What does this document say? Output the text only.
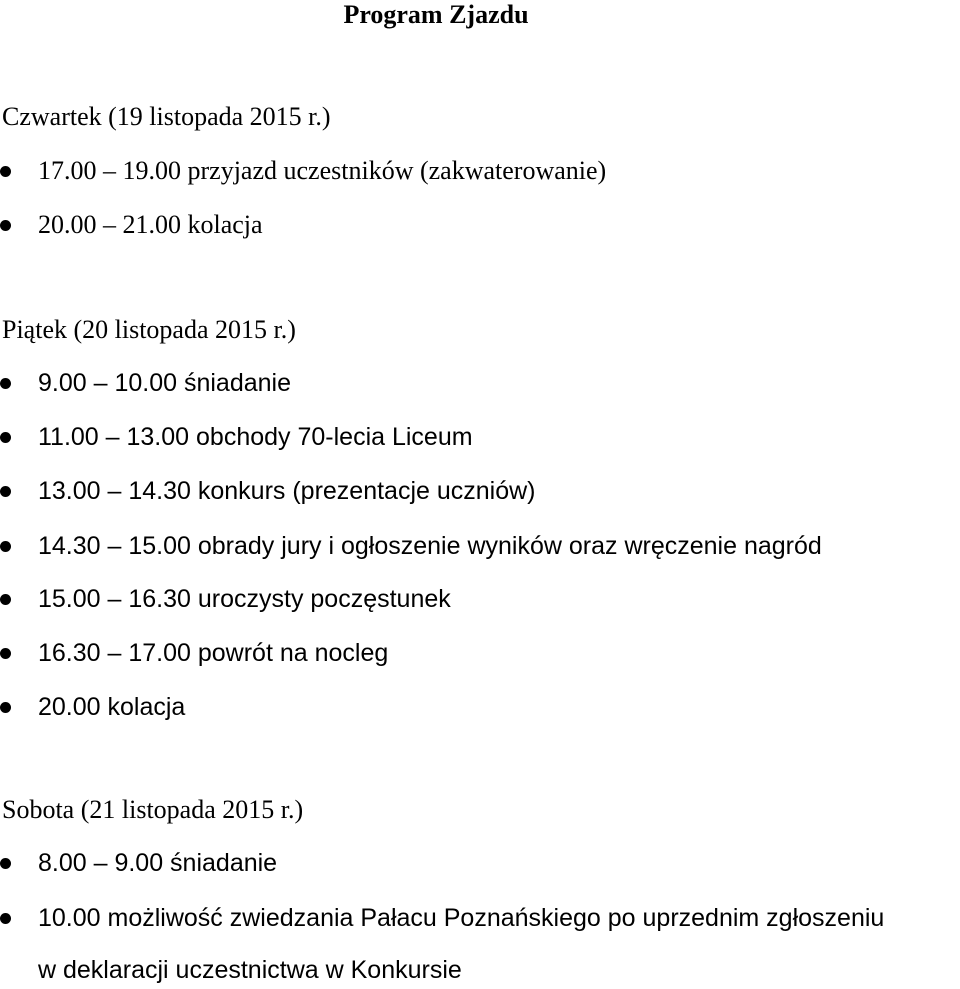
Program Zjazdu
Czwartek (19 listopada 2015 r.)
17.00 – 19.00 przyjazd uczestników (zakwaterowanie)
20.00 – 21.00 kolacja
Piątek (20 listopada 2015 r.)
9.00 – 10.00 śniadanie
11.00 – 13.00 obchody 70-lecia Liceum
13.00 – 14.30 konkurs (prezentacje uczniów)
14.30 – 15.00 obrady jury i ogłoszenie wyników oraz wręczenie nagród
15.00 – 16.30 uroczysty poczęstunek
16.30 – 17.00 powrót na nocleg
20.00 kolacja
Sobota (21 listopada 2015 r.)
8.00 – 9.00 śniadanie
10.00 możliwość zwiedzania Pałacu Poznańskiego po uprzednim zgłoszeniu
w deklaracji uczestnictwa w Konkursie
